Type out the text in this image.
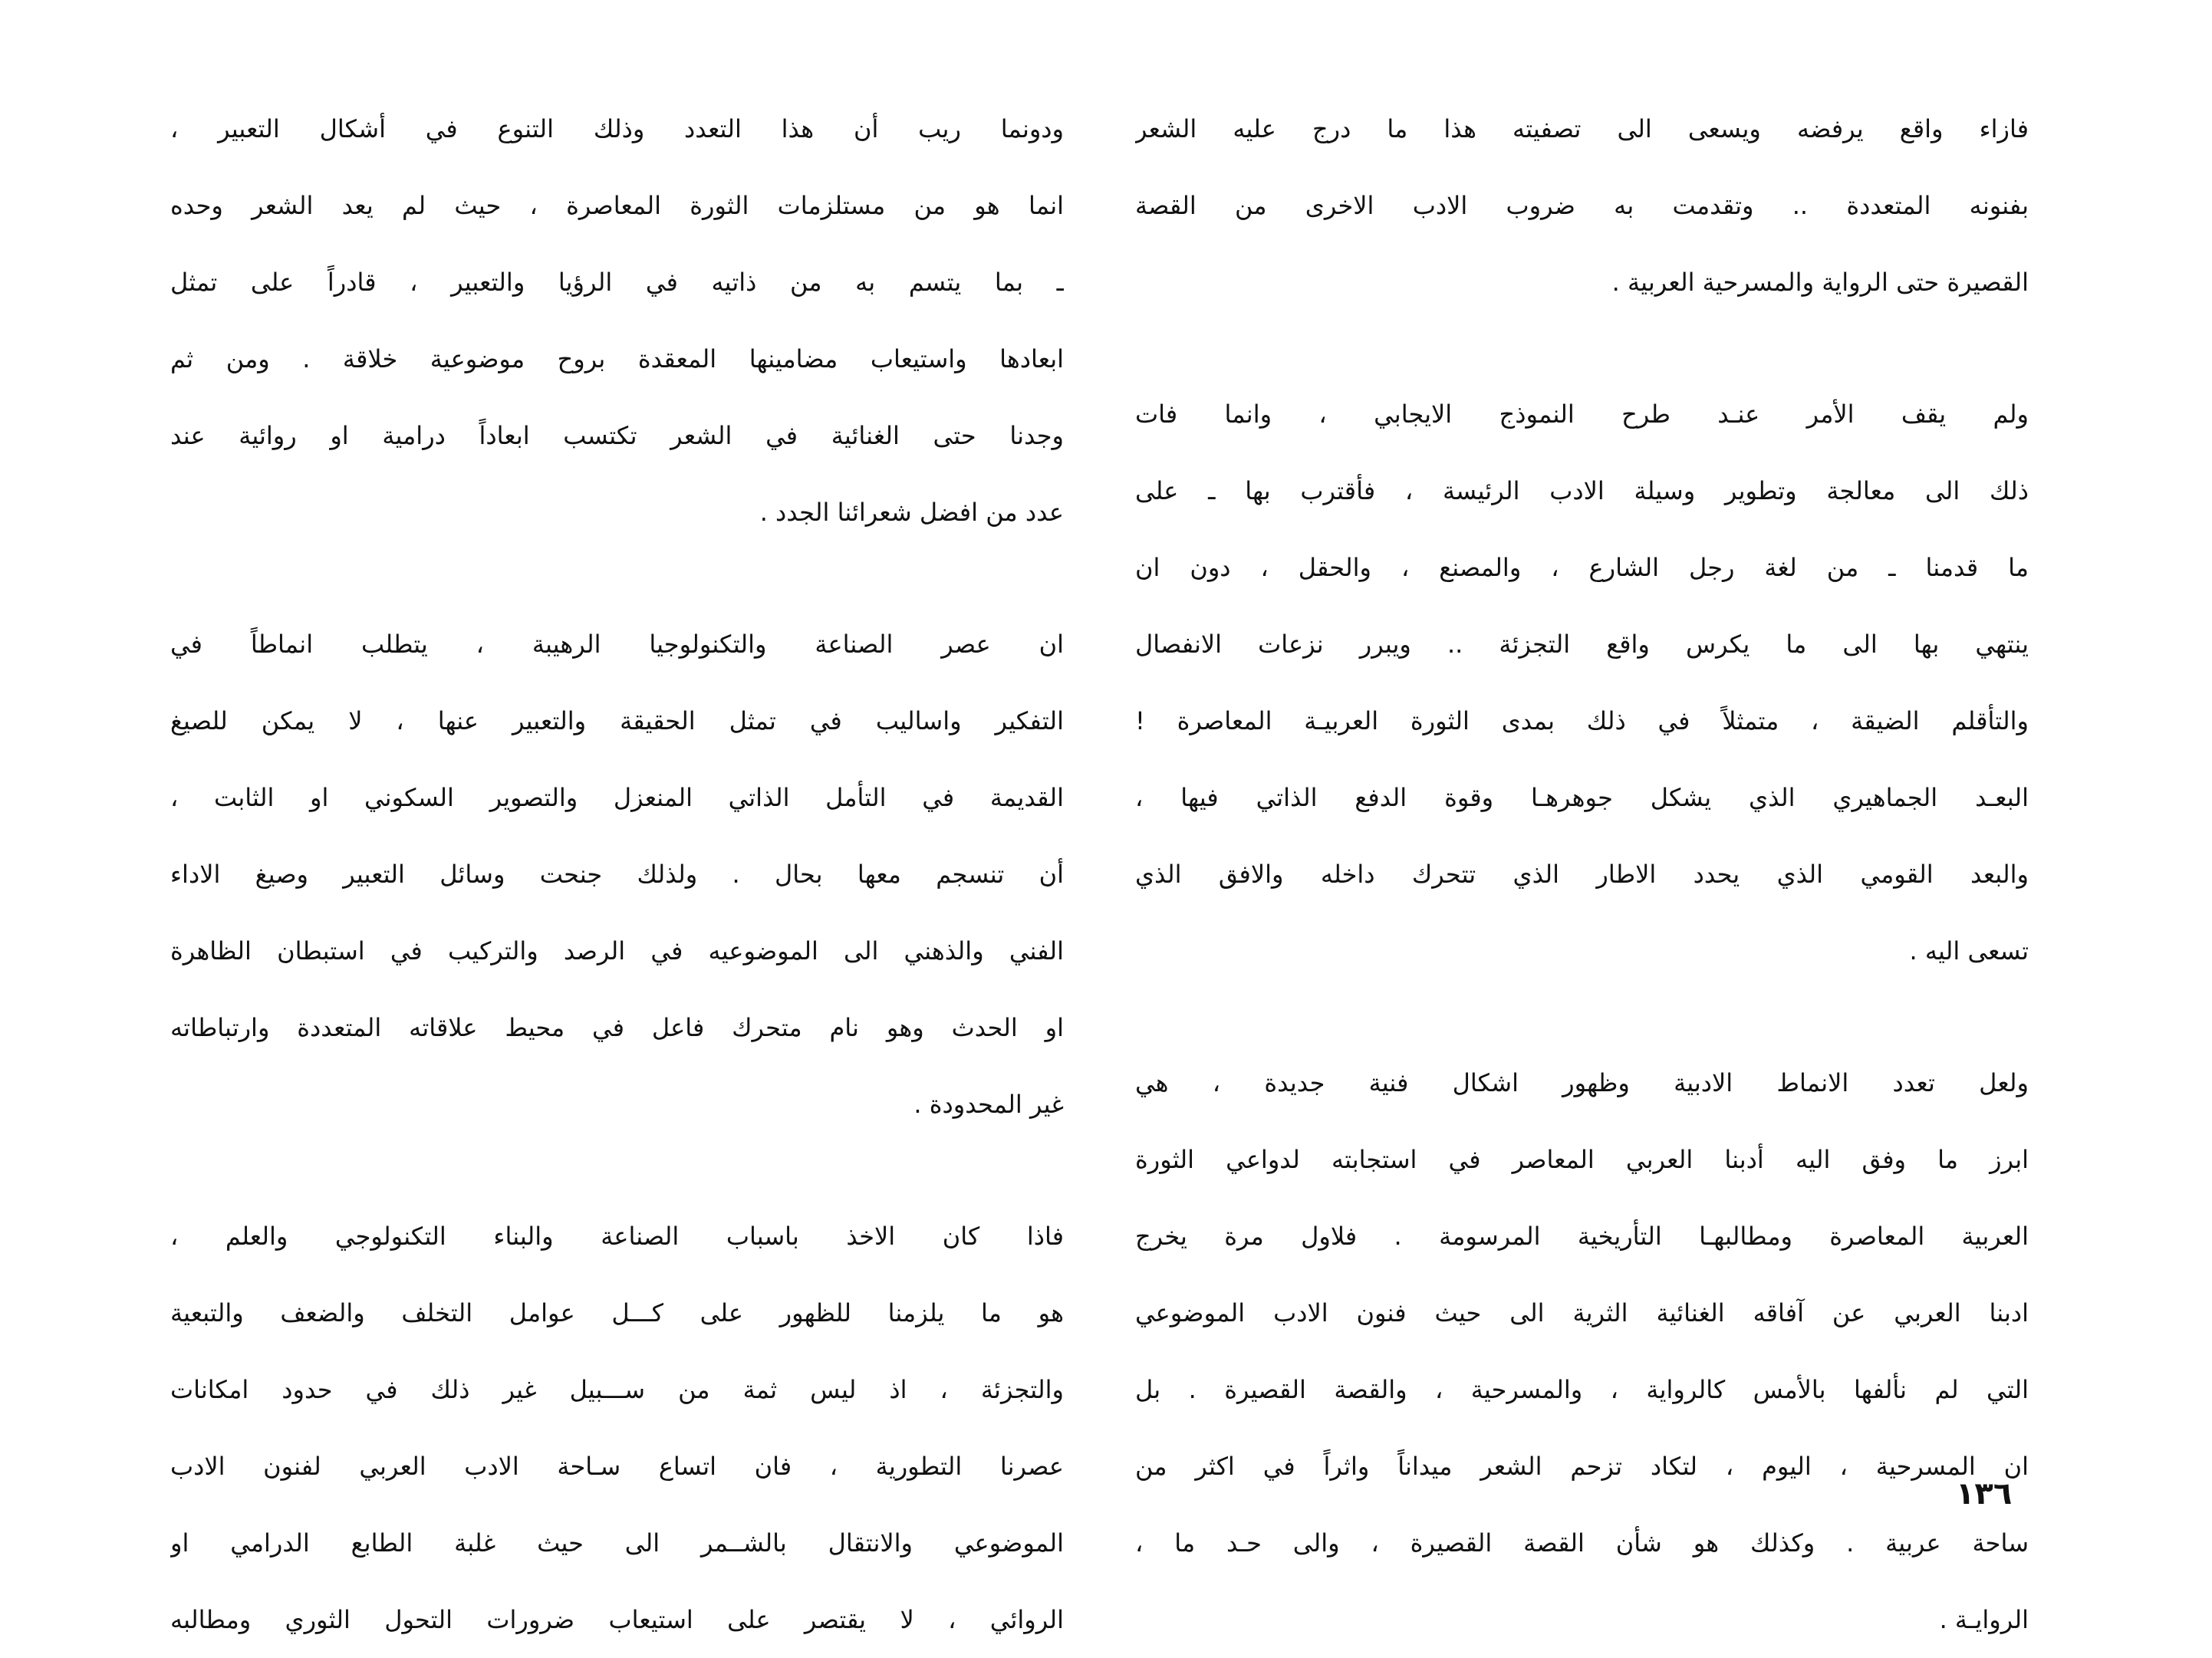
فازاء واقع يرفضه ويسعى الى تصفيته هذا ما درج عليه الشعر
بفنونه المتعددة .. وتقدمت به ضروب الادب الاخرى من القصة
القصيرة حتى الرواية والمسرحية العربية .
ولم يقف الأمر عنـد طرح النموذج الايجابي ، وانما فات
ذلك الى معالجة وتطوير وسيلة الادب الرئيسة ، فأقترب بها ـ على
ما قدمنا ـ من لغة رجل الشارع ، والمصنع ، والحقل ، دون ان
ينتهي بها الى ما يكرس واقع التجزئة .. ويبرر نزعات الانفصال
والتأقلم الضيقة ، متمثلاً في ذلك بمدى الثورة العربيـة المعاصرة !
البعـد الجماهيري الذي يشكل جوهرهـا وقوة الدفع الذاتي فيها ،
والبعد القومي الذي يحدد الاطار الذي تتحرك داخله والافق الذي
تسعى اليه .
ولعل تعدد الانماط الادبية وظهور اشكال فنية جديدة ، هي
ابرز ما وفق اليه أدبنا العربي المعاصر في استجابته لدواعي الثورة
العربية المعاصرة ومطالبهـا التأريخية المرسومة . فلاول مرة يخرج
ادبنا العربي عن آفاقه الغنائية الثرية الى حيث فنون الادب الموضوعي
التي لم نألفها بالأمس كالرواية ، والمسرحية ، والقصة القصيرة . بل
ان المسرحية ، اليوم ، لتكاد تزحم الشعر ميداناً واثراً في اكثر من
ساحة عربية . وكذلك هو شأن القصة القصيرة ، والى حـد ما ،
الروايـة .
ودونما ريب أن هذا التعدد وذلك التنوع في أشكال التعبير ،
انما هو من مستلزمات الثورة المعاصرة ، حيث لم يعد الشعر وحده
ـ بما يتسم به من ذاتيه في الرؤيا والتعبير ، قادراً على تمثل
ابعادها واستيعاب مضامينها المعقدة بروح موضوعية خلاقة . ومن ثم
وجدنا حتى الغنائية في الشعر تكتسب ابعاداً درامية او روائية عند
عدد من افضل شعرائنا الجدد .
ان عصر الصناعة والتكنولوجيا الرهيبة ، يتطلب انماطاً في
التفكير واساليب في تمثل الحقيقة والتعبير عنها ، لا يمكن للصيغ
القديمة في التأمل الذاتي المنعزل والتصوير السكوني او الثابت ،
أن تنسجم معها بحال . ولذلك جنحت وسائل التعبير وصيغ الاداء
الفني والذهني الى الموضوعيه في الرصد والتركيب في استبطان الظاهرة
او الحدث وهو نام متحرك فاعل في محيط علاقاته المتعددة وارتباطاته
غير المحدودة .
فاذا كان الاخذ باسباب الصناعة والبناء التكنولوجي والعلم ،
هو ما يلزمنا للظهور على كـــل عوامل التخلف والضعف والتبعية
والتجزئة ، اذ ليس ثمة من ســـبيل غير ذلك في حدود امكانات
عصرنا التطورية ، فان اتساع سـاحة الادب العربي لفنون الادب
الموضوعي والانتقال بالشــمر الى حيث غلبة الطابع الدرامي او
الروائي ، لا يقتصر على استيعاب ضرورات التحول الثوري ومطالبه
١٣٦
